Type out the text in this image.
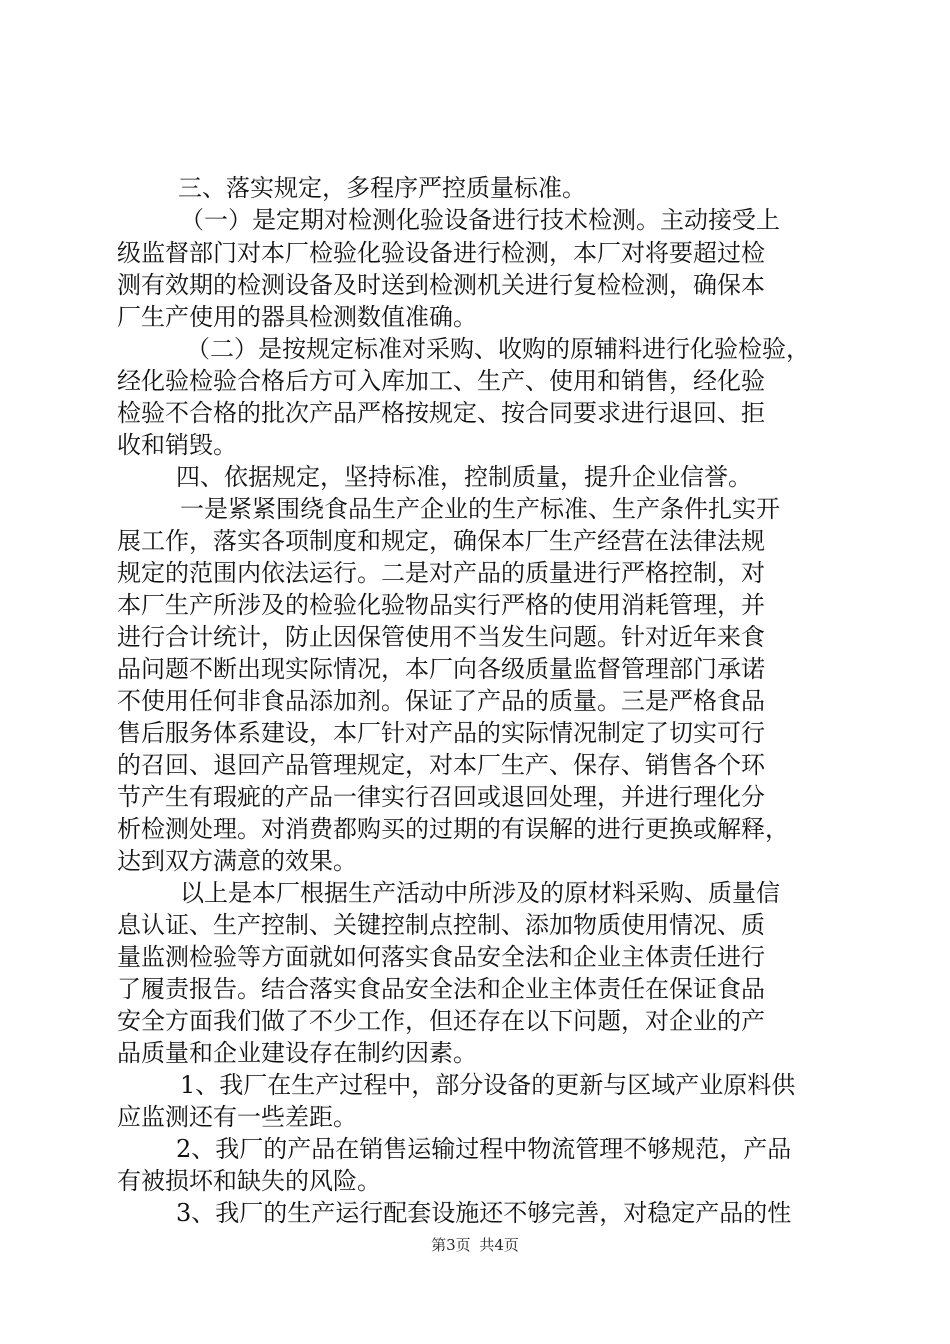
三、落实规定，多程序严控质量标准。
（一）是定期对检测化验设备进行技术检测。主动接受上
级监督部门对本厂检验化验设备进行检测，本厂对将要超过检
测有效期的检测设备及时送到检测机关进行复检检测，确保本
厂生产使用的器具检测数值准确。
（二）是按规定标准对采购、收购的原辅料进行化验检验，
经化验检验合格后方可入库加工、生产、使用和销售，经化验
检验不合格的批次产品严格按规定、按合同要求进行退回、拒
收和销毁。
四、依据规定，坚持标准，控制质量，提升企业信誉。
一是紧紧围绕食品生产企业的生产标准、生产条件扎实开
展工作，落实各项制度和规定，确保本厂生产经营在法律法规
规定的范围内依法运行。二是对产品的质量进行严格控制，对
本厂生产所涉及的检验化验物品实行严格的使用消耗管理，并
进行合计统计，防止因保管使用不当发生问题。针对近年来食
品问题不断出现实际情况，本厂向各级质量监督管理部门承诺
不使用任何非食品添加剂。保证了产品的质量。三是严格食品
售后服务体系建设，本厂针对产品的实际情况制定了切实可行
的召回、退回产品管理规定，对本厂生产、保存、销售各个环
节产生有瑕疵的产品一律实行召回或退回处理，并进行理化分
析检测处理。对消费都购买的过期的有误解的进行更换或解释，
达到双方满意的效果。
以上是本厂根据生产活动中所涉及的原材料采购、质量信
息认证、生产控制、关键控制点控制、添加物质使用情况、质
量监测检验等方面就如何落实食品安全法和企业主体责任进行
了履责报告。结合落实食品安全法和企业主体责任在保证食品
安全方面我们做了不少工作，但还存在以下问题，对企业的产
品质量和企业建设存在制约因素。
1、我厂在生产过程中，部分设备的更新与区域产业原料供
应监测还有一些差距。
2、我厂的产品在销售运输过程中物流管理不够规范，产品
有被损坏和缺失的风险。
3、我厂的生产运行配套设施还不够完善，对稳定产品的性
第3页 共4页
